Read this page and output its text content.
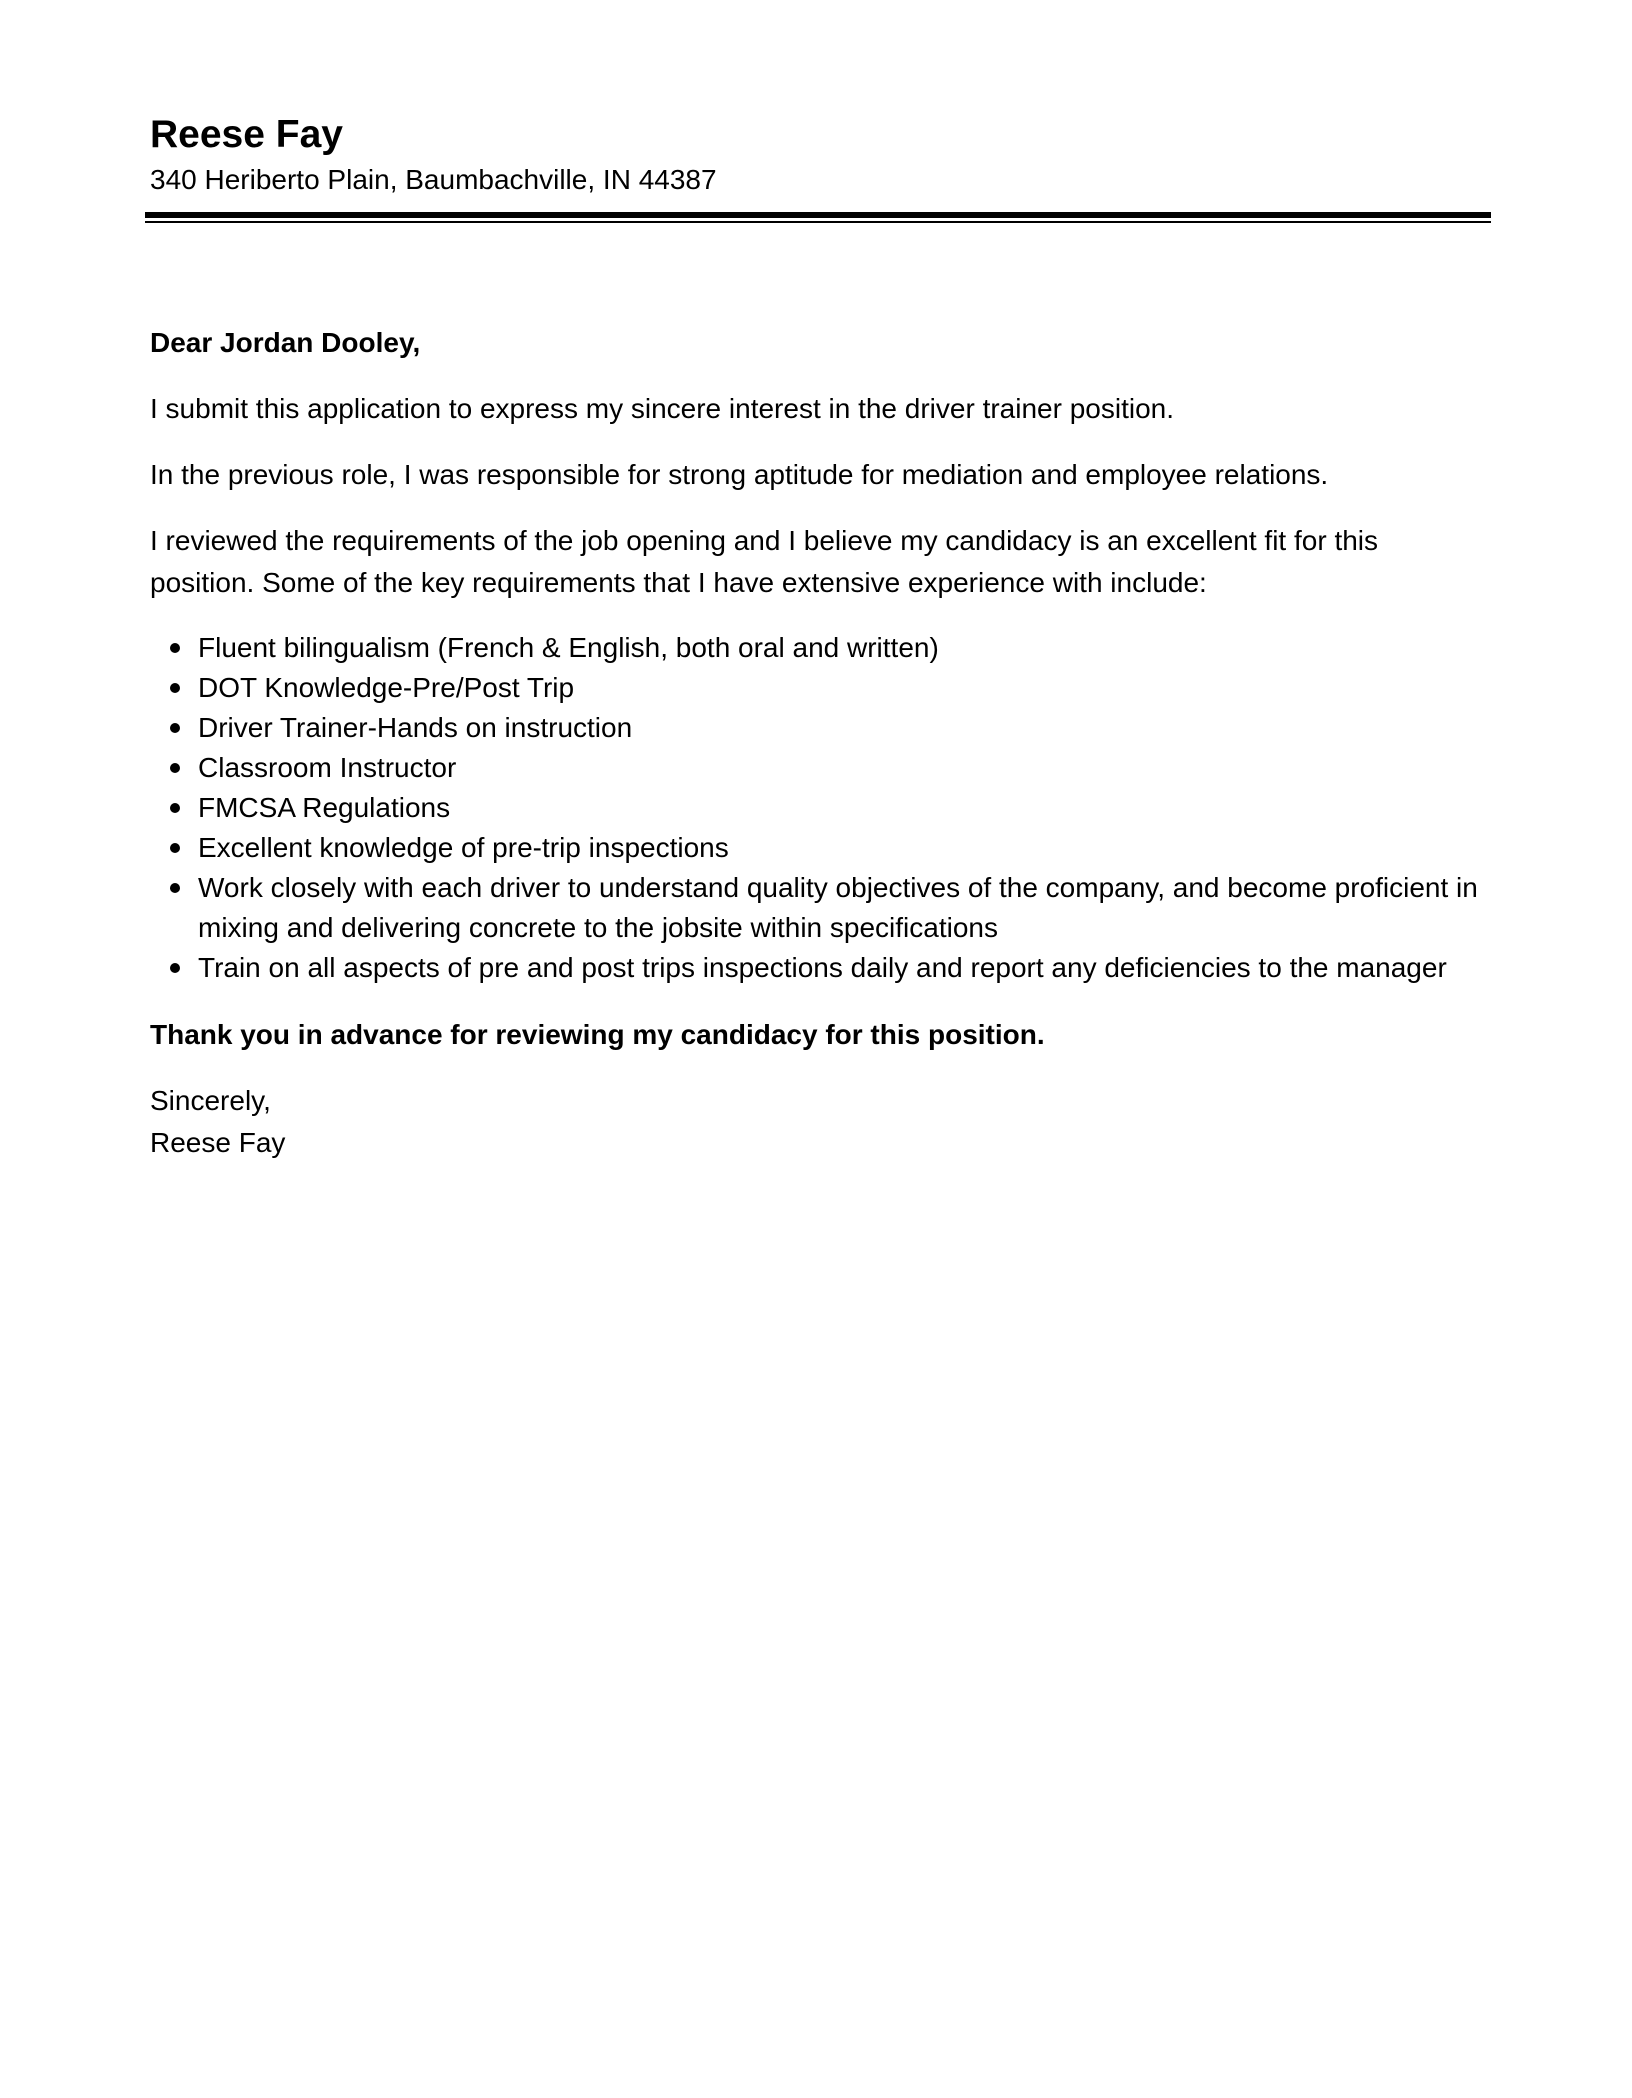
Reese Fay

340 Heriberto Plain, Baumbachville, IN 44387

Dear Jordan Dooley,

I submit this application to express my sincere interest in the driver trainer position.

In the previous role, I was responsible for strong aptitude for mediation and employee relations.

I reviewed the requirements of the job opening and I believe my candidacy is an excellent fit for this position. Some of the key requirements that I have extensive experience with include:

Fluent bilingualism (French & English, both oral and written)
DOT Knowledge-Pre/Post Trip
Driver Trainer-Hands on instruction
Classroom Instructor
FMCSA Regulations
Excellent knowledge of pre-trip inspections
Work closely with each driver to understand quality objectives of the company, and become proficient in mixing and delivering concrete to the jobsite within specifications
Train on all aspects of pre and post trips inspections daily and report any deficiencies to the manager

Thank you in advance for reviewing my candidacy for this position.

Sincerely,

Reese Fay
